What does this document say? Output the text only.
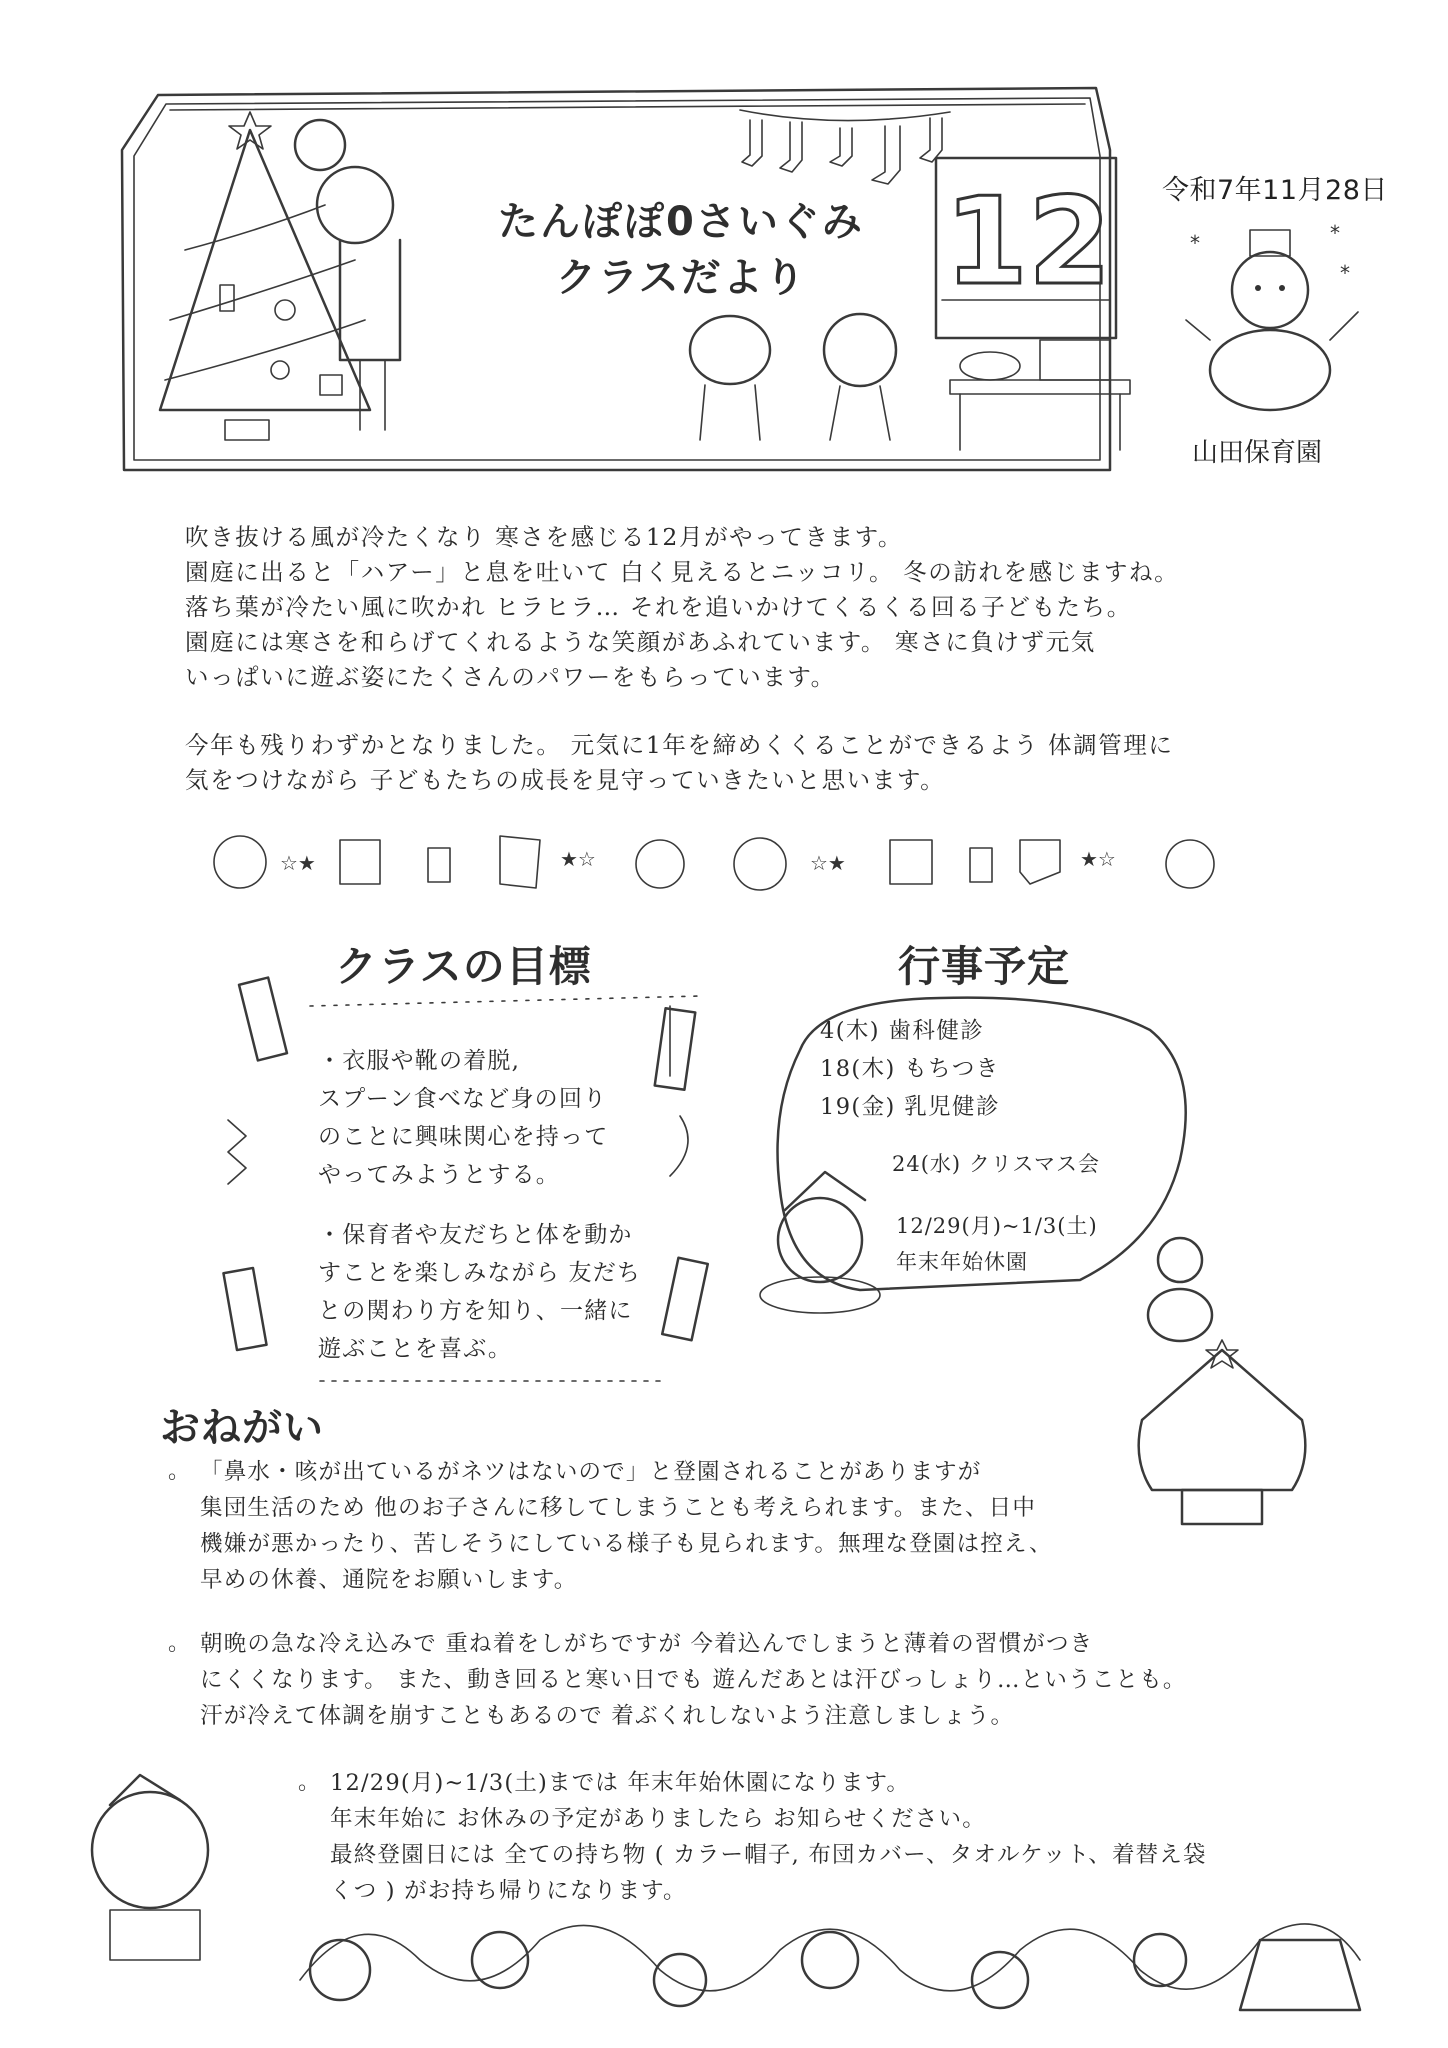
12
たんぽぽ0さいぐみ
クラスだより
*	*
*
令和7年11月28日
山田保育園
吹き抜ける風が冷たくなり 寒さを感じる12月がやってきます。
園庭に出ると「ハアー」と息を吐いて 白く見えるとニッコリ。 冬の訪れを感じますね。
落ち葉が冷たい風に吹かれ ヒラヒラ… それを追いかけてくるくる回る子どもたち。
園庭には寒さを和らげてくれるような笑顔があふれています。 寒さに負けず元気
いっぱいに遊ぶ姿にたくさんのパワーをもらっています。
今年も残りわずかとなりました。 元気に1年を締めくくることができるよう 体調管理に
気をつけながら 子どもたちの成長を見守っていきたいと思います。
☆★	★☆	☆★	★☆
クラスの目標
・衣服や靴の着脱,
スプーン食べなど身の回り
のことに興味関心を持って
やってみようとする。
・保育者や友だちと体を動か
すことを楽しみながら 友だち
との関わり方を知り、一緒に
遊ぶことを喜ぶ。
行事予定
4(木) 歯科健診
18(木) もちつき
19(金) 乳児健診
24(水) クリスマス会
12/29(月)~1/3(土)
年末年始休園
おねがい
。 「鼻水・咳が出ているがネツはないので」と登園されることがありますが
集団生活のため 他のお子さんに移してしまうことも考えられます。また、日中
機嫌が悪かったり、苦しそうにしている様子も見られます。無理な登園は控え、
早めの休養、通院をお願いします。
。 朝晩の急な冷え込みで 重ね着をしがちですが 今着込んでしまうと薄着の習慣がつき
にくくなります。 また、動き回ると寒い日でも 遊んだあとは汗びっしょり…ということも。
汗が冷えて体調を崩すこともあるので 着ぶくれしないよう注意しましょう。
。 12/29(月)~1/3(土)までは 年末年始休園になります。
年末年始に お休みの予定がありましたら お知らせください。
最終登園日には 全ての持ち物 ( カラー帽子, 布団カバー、タオルケット、着替え袋
くつ ) がお持ち帰りになります。
